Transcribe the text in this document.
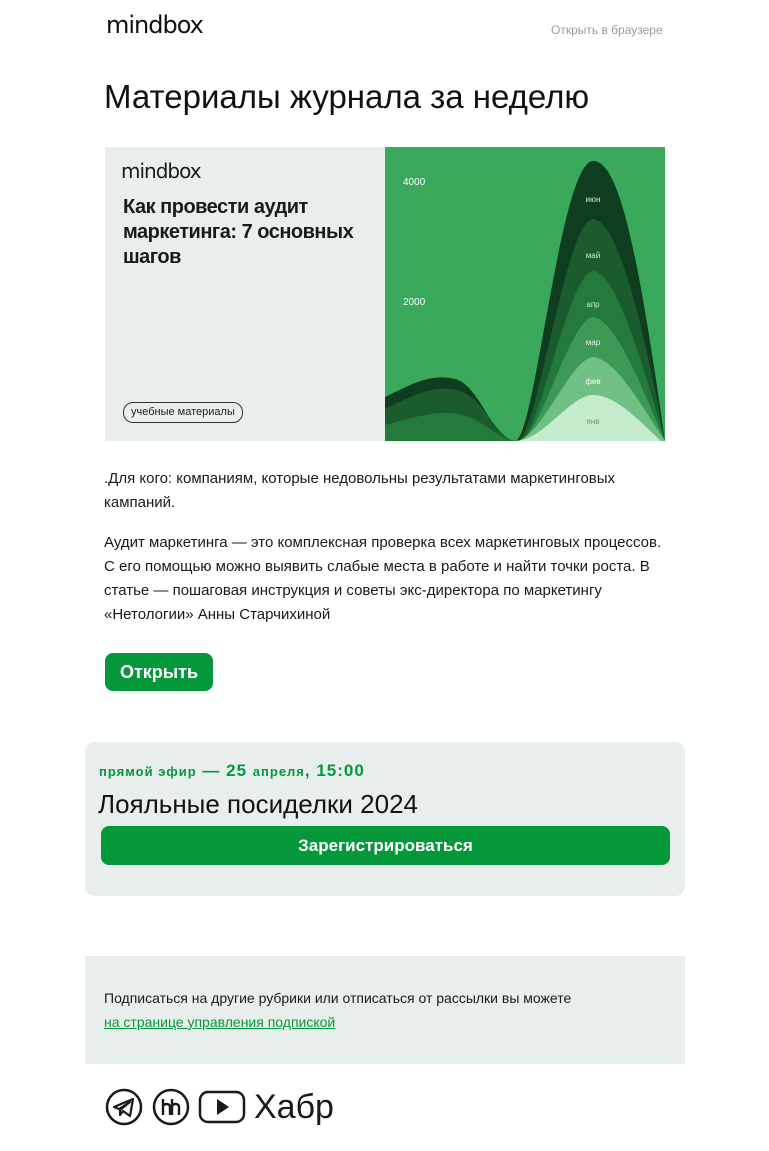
mindbox	Открыть в браузере
Материалы журнала за неделю
mindbox
Как провести аудит маркетинга: 7 основных шагов
учебные материалы
4000
2000
июн
май
апр
мар
фев
янв

.Для кого: компаниям, которые недовольны результатами маркетинговых кампаний.

Аудит маркетинга — это комплексная проверка всех маркетинговых процессов. С его помощью можно выявить слабые места в работе и найти точки роста. В статье — пошаговая инструкция и советы экс-директора по маркетингу «Нетологии» Анны Старчихиной

Открыть
прямой эфир — 25 апреля, 15:00
Лояльные посиделки 2024
Зарегистрироваться
Подписаться на другие рубрики или отписаться от рассылки вы можете
на странице управления подпиской
Хабр
